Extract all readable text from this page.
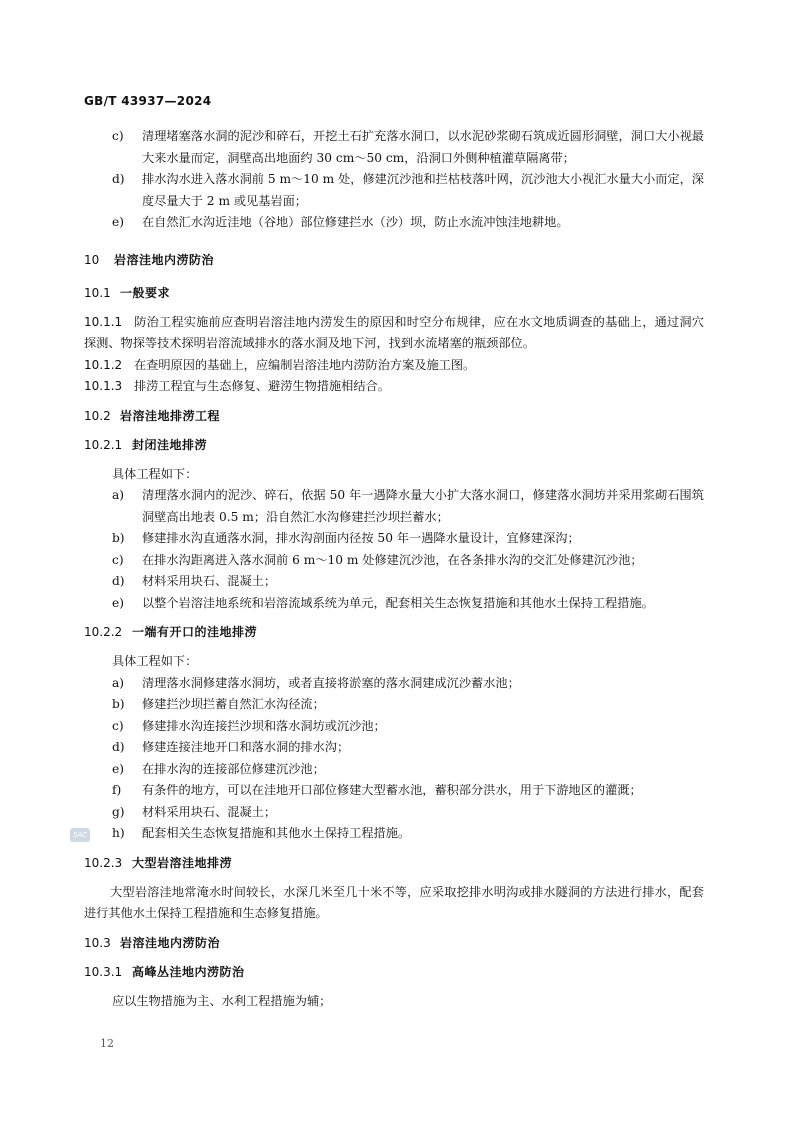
GB/T 43937—2024
c)	清理堵塞落水洞的泥沙和碎石，开挖土石扩充落水洞口，以水泥砂浆砌石筑成近圆形洞壁，洞口大小视最大来水量而定，洞壁高出地面约 30 cm～50 cm，沿洞口外侧种植灌草隔离带；
d)	排水沟水进入落水洞前 5 m～10 m 处，修建沉沙池和拦枯枝落叶网，沉沙池大小视汇水量大小而定，深度尽量大于 2 m 或见基岩面；
e)	在自然汇水沟近洼地（谷地）部位修建拦水（沙）坝，防止水流冲蚀洼地耕地。
10	岩溶洼地内涝防治
10.1 一般要求
10.1.1 防治工程实施前应查明岩溶洼地内涝发生的原因和时空分布规律，应在水文地质调查的基础上，通过洞穴探测、物探等技术探明岩溶流域排水的落水洞及地下河，找到水流堵塞的瓶颈部位。
10.1.2 在查明原因的基础上，应编制岩溶洼地内涝防治方案及施工图。
10.1.3 排涝工程宜与生态修复、避涝生物措施相结合。
10.2 岩溶洼地排涝工程
10.2.1 封闭洼地排涝
具体工程如下：
a)	清理落水洞内的泥沙、碎石，依据 50 年一遇降水量大小扩大落水洞口，修建落水洞坊并采用浆砌石围筑洞壁高出地表 0.5 m；沿自然汇水沟修建拦沙坝拦蓄水；
b)	修建排水沟直通落水洞，排水沟剖面内径按 50 年一遇降水量设计，宜修建深沟；
c)	在排水沟距离进入落水洞前 6 m～10 m 处修建沉沙池，在各条排水沟的交汇处修建沉沙池；
d)	材料采用块石、混凝土；
e)	以整个岩溶洼地系统和岩溶流域系统为单元，配套相关生态恢复措施和其他水土保持工程措施。
10.2.2 一端有开口的洼地排涝
具体工程如下：
a)	清理落水洞修建落水洞坊，或者直接将淤塞的落水洞建成沉沙蓄水池；
b)	修建拦沙坝拦蓄自然汇水沟径流；
c)	修建排水沟连接拦沙坝和落水洞坊或沉沙池；
d)	修建连接洼地开口和落水洞的排水沟；
e)	在排水沟的连接部位修建沉沙池；
f)	有条件的地方，可以在洼地开口部位修建大型蓄水池，蓄积部分洪水，用于下游地区的灌溉；
g)	材料采用块石、混凝土；
h)	配套相关生态恢复措施和其他水土保持工程措施。
10.2.3 大型岩溶洼地排涝
大型岩溶洼地常淹水时间较长，水深几米至几十米不等，应采取挖排水明沟或排水隧洞的方法进行排水，配套进行其他水土保持工程措施和生态修复措施。
10.3 岩溶洼地内涝防治
10.3.1 高峰丛洼地内涝防治
应以生物措施为主、水利工程措施为辅；
SAC
12
